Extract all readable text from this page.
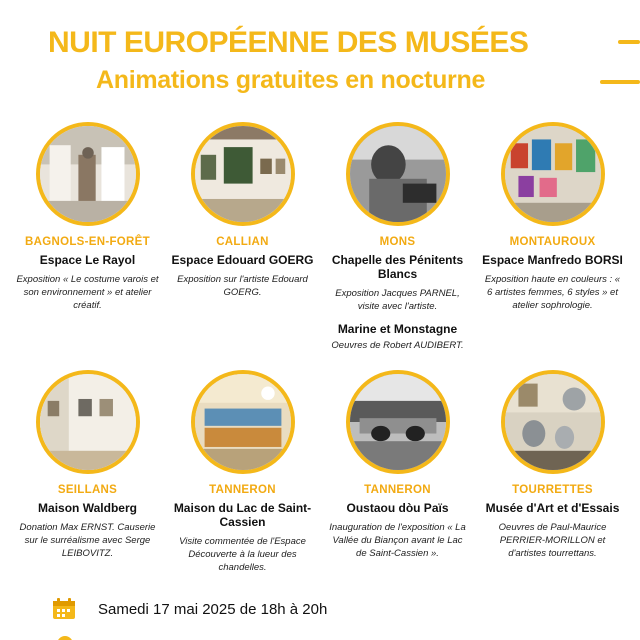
NUIT EUROPÉENNE DES MUSÉES
Animations gratuites en nocturne
BAGNOLS-EN-FORÊT
Espace Le Rayol
Exposition « Le costume varois et son environnement » et atelier créatif.
CALLIAN
Espace Edouard GOERG
Exposition sur l'artiste Edouard GOERG.
MONS
Chapelle des Pénitents Blancs
Exposition Jacques PARNEL, visite avec l'artiste.
Marine et Monstagne
Oeuvres de Robert AUDIBERT.
MONTAUROUX
Espace Manfredo BORSI
Exposition haute en couleurs : « 6 artistes femmes, 6 styles » et atelier sophrologie.
SEILLANS
Maison Waldberg
Donation Max ERNST. Causerie sur le surréalisme avec Serge LEIBOVITZ.
TANNERON
Maison du Lac de Saint-Cassien
Visite commentée de l'Espace Découverte à la lueur des chandelles.
TANNERON
Oustaou dòu Païs
Inauguration de l'exposition « La Vallée du Biançon avant le Lac de Saint-Cassien ».
TOURRETTES
Musée d'Art et d'Essais
Oeuvres de Paul-Maurice PERRIER-MORILLON et d'artistes tourrettans.
Samedi 17 mai 2025 de 18h à 20h
